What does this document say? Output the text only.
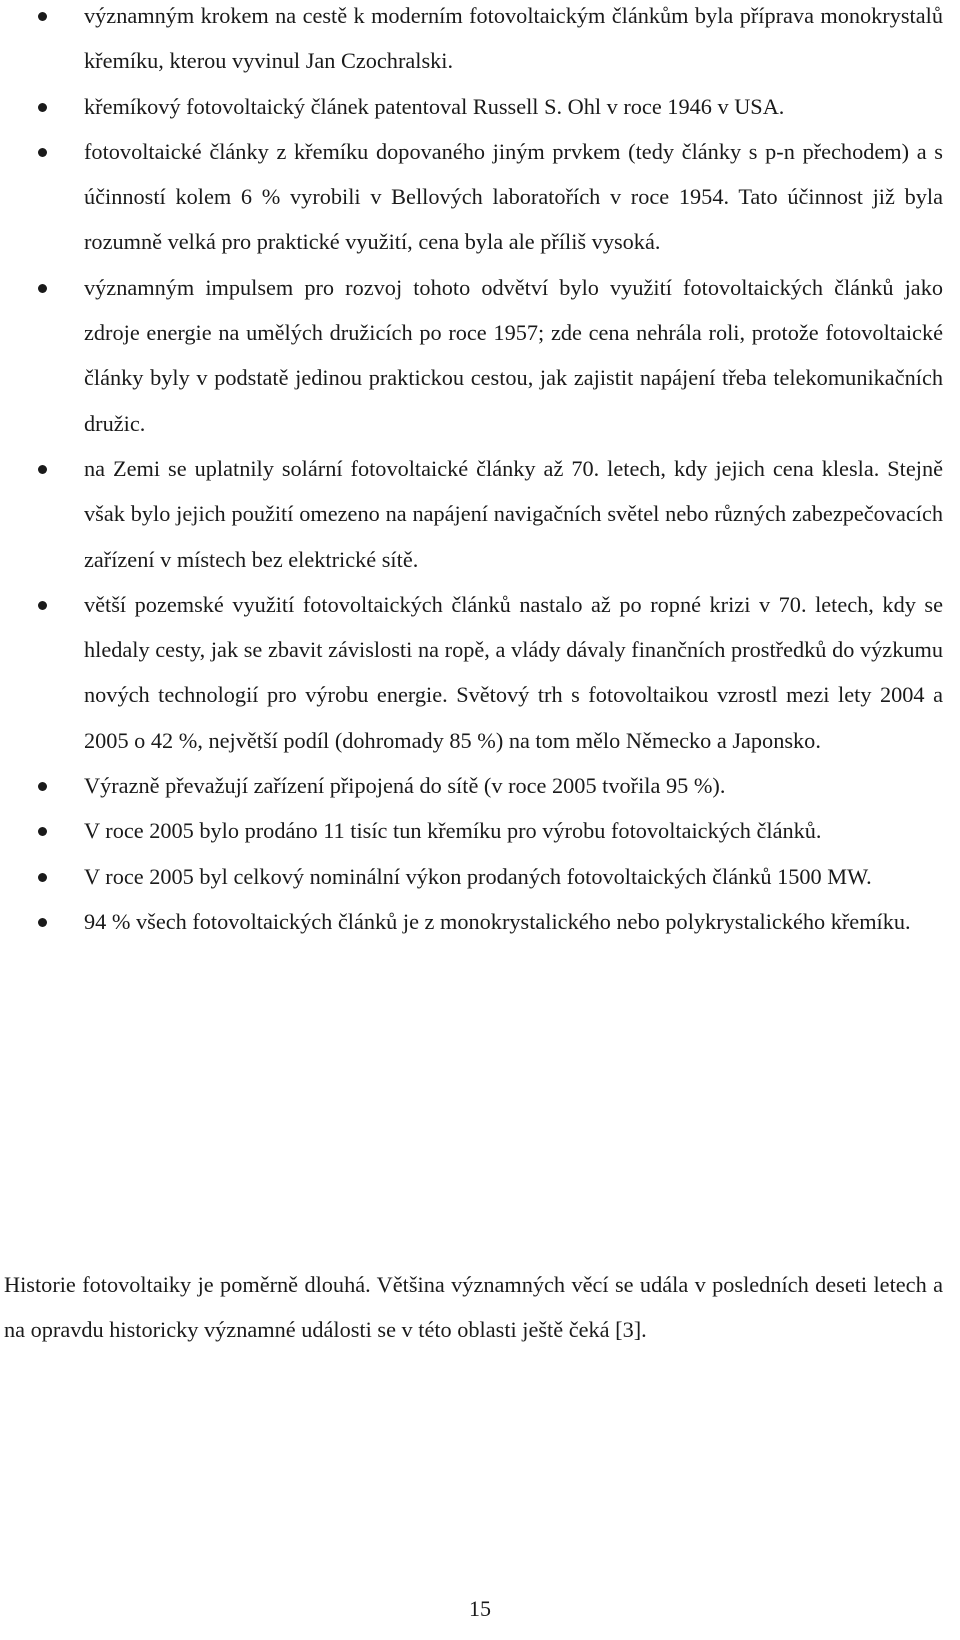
významným krokem na cestě k moderním fotovoltaickým článkům byla příprava monokrystalů křemíku, kterou vyvinul Jan Czochralski.
křemíkový fotovoltaický článek patentoval Russell S. Ohl v roce 1946 v USA.
fotovoltaické články z křemíku dopovaného jiným prvkem (tedy články s p-n přechodem) a s účinností kolem 6 % vyrobili v Bellových laboratořích v roce 1954. Tato účinnost již byla rozumně velká pro praktické využití, cena byla ale příliš vysoká.
významným impulsem pro rozvoj tohoto odvětví bylo využití fotovoltaických článků jako zdroje energie na umělých družicích po roce 1957; zde cena nehrála roli, protože fotovoltaické články byly v podstatě jedinou praktickou cestou, jak zajistit napájení třeba telekomunikačních družic.
na Zemi se uplatnily solární fotovoltaické články až 70. letech, kdy jejich cena klesla. Stejně však bylo jejich použití omezeno na napájení navigačních světel nebo různých zabezpečovacích zařízení v místech bez elektrické sítě.
větší pozemské využití fotovoltaických článků nastalo až po ropné krizi v 70. letech, kdy se hledaly cesty, jak se zbavit závislosti na ropě, a vlády dávaly finančních prostředků do výzkumu nových technologií pro výrobu energie. Světový trh s fotovoltaikou vzrostl mezi lety 2004 a 2005 o 42 %, největší podíl (dohromady 85 %) na tom mělo Německo a Japonsko.
Výrazně převažují zařízení připojená do sítě (v roce 2005 tvořila 95 %).
V roce 2005 bylo prodáno 11 tisíc tun křemíku pro výrobu fotovoltaických článků.
V roce 2005 byl celkový nominální výkon prodaných fotovoltaických článků 1500 MW.
94 % všech fotovoltaických článků je z monokrystalického nebo polykrystalického křemíku.

Historie fotovoltaiky je poměrně dlouhá. Většina významných věcí se udála v posledních deseti letech a na opravdu historicky významné události se v této oblasti ještě čeká [3].

15
